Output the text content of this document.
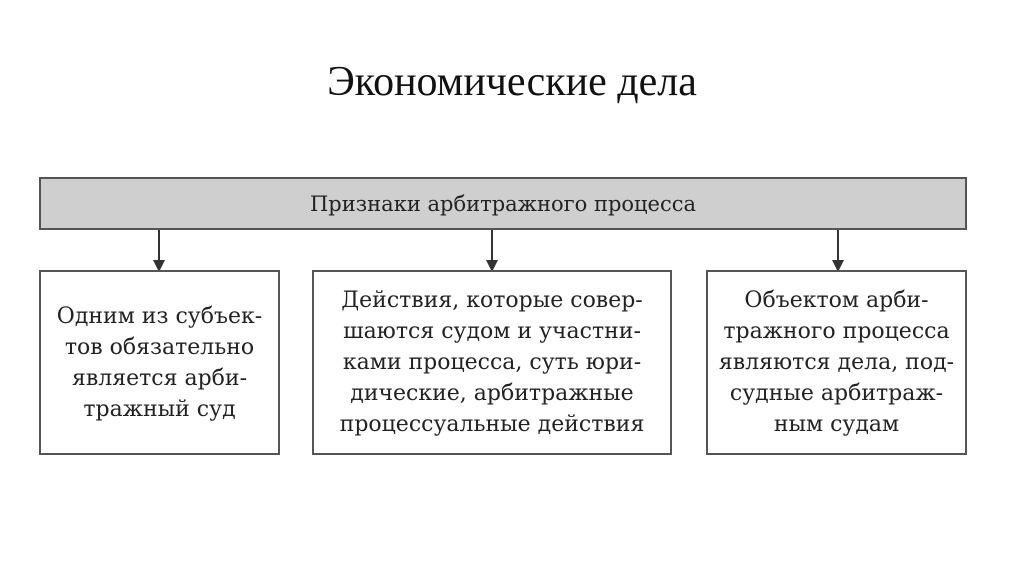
Экономические дела
Признаки арбитражного процесса
Одним из субъек-
тов обязательно
является арби-
тражный суд
Действия, которые совер-
шаются судом и участни-
ками процесса, суть юри-
дические, арбитражные
процессуальные действия
Объектом арби-
тражного процесса
являются дела, под-
судные арбитраж-
ным судам
